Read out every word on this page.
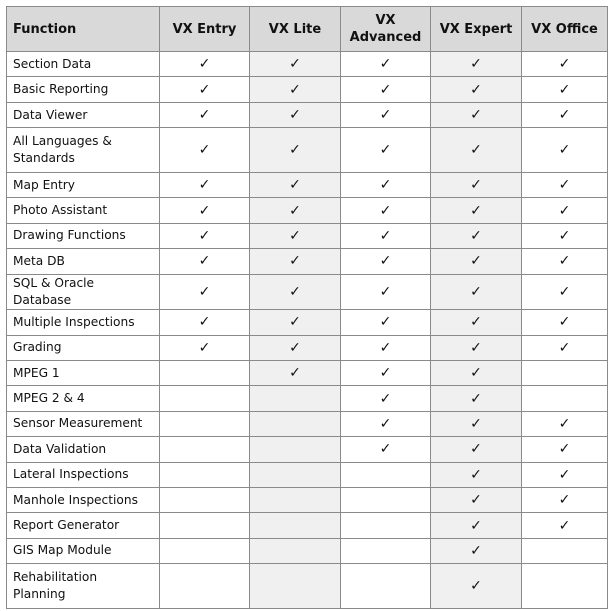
Function	VX Entry	VX Lite	VX Advanced	VX Expert	VX Office
Section Data	✓	✓	✓	✓	✓
Basic Reporting	✓	✓	✓	✓	✓
Data Viewer	✓	✓	✓	✓	✓
All Languages & Standards	✓	✓	✓	✓	✓
Map Entry	✓	✓	✓	✓	✓
Photo Assistant	✓	✓	✓	✓	✓
Drawing Functions	✓	✓	✓	✓	✓
Meta DB	✓	✓	✓	✓	✓
SQL & Oracle Database	✓	✓	✓	✓	✓
Multiple Inspections	✓	✓	✓	✓	✓
Grading	✓	✓	✓	✓	✓
MPEG 1		✓	✓	✓	
MPEG 2 & 4			✓	✓	
Sensor Measurement			✓	✓	✓
Data Validation			✓	✓	✓
Lateral Inspections				✓	✓
Manhole Inspections				✓	✓
Report Generator				✓	✓
GIS Map Module				✓	
Rehabilitation Planning				✓	
